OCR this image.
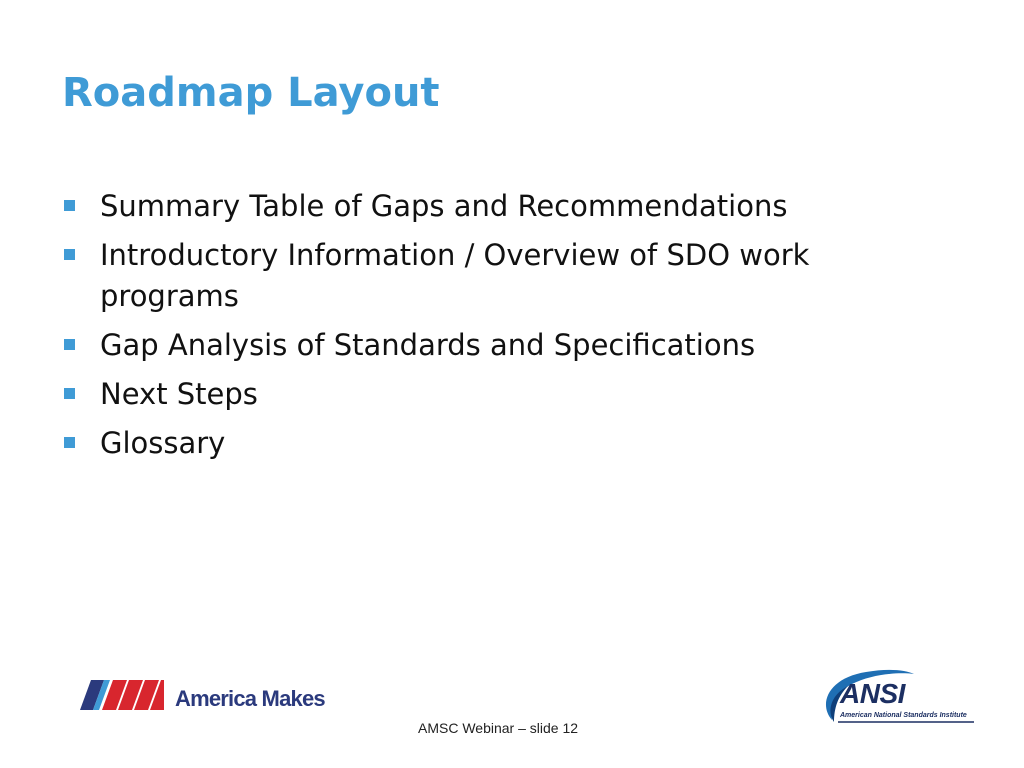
Roadmap Layout
Summary Table of Gaps and Recommendations
Introductory Information / Overview of SDO work programs
Gap Analysis of Standards and Specifications
Next Steps
Glossary
America Makes
AMSC Webinar – slide 12
ANSI
American National Standards Institute
